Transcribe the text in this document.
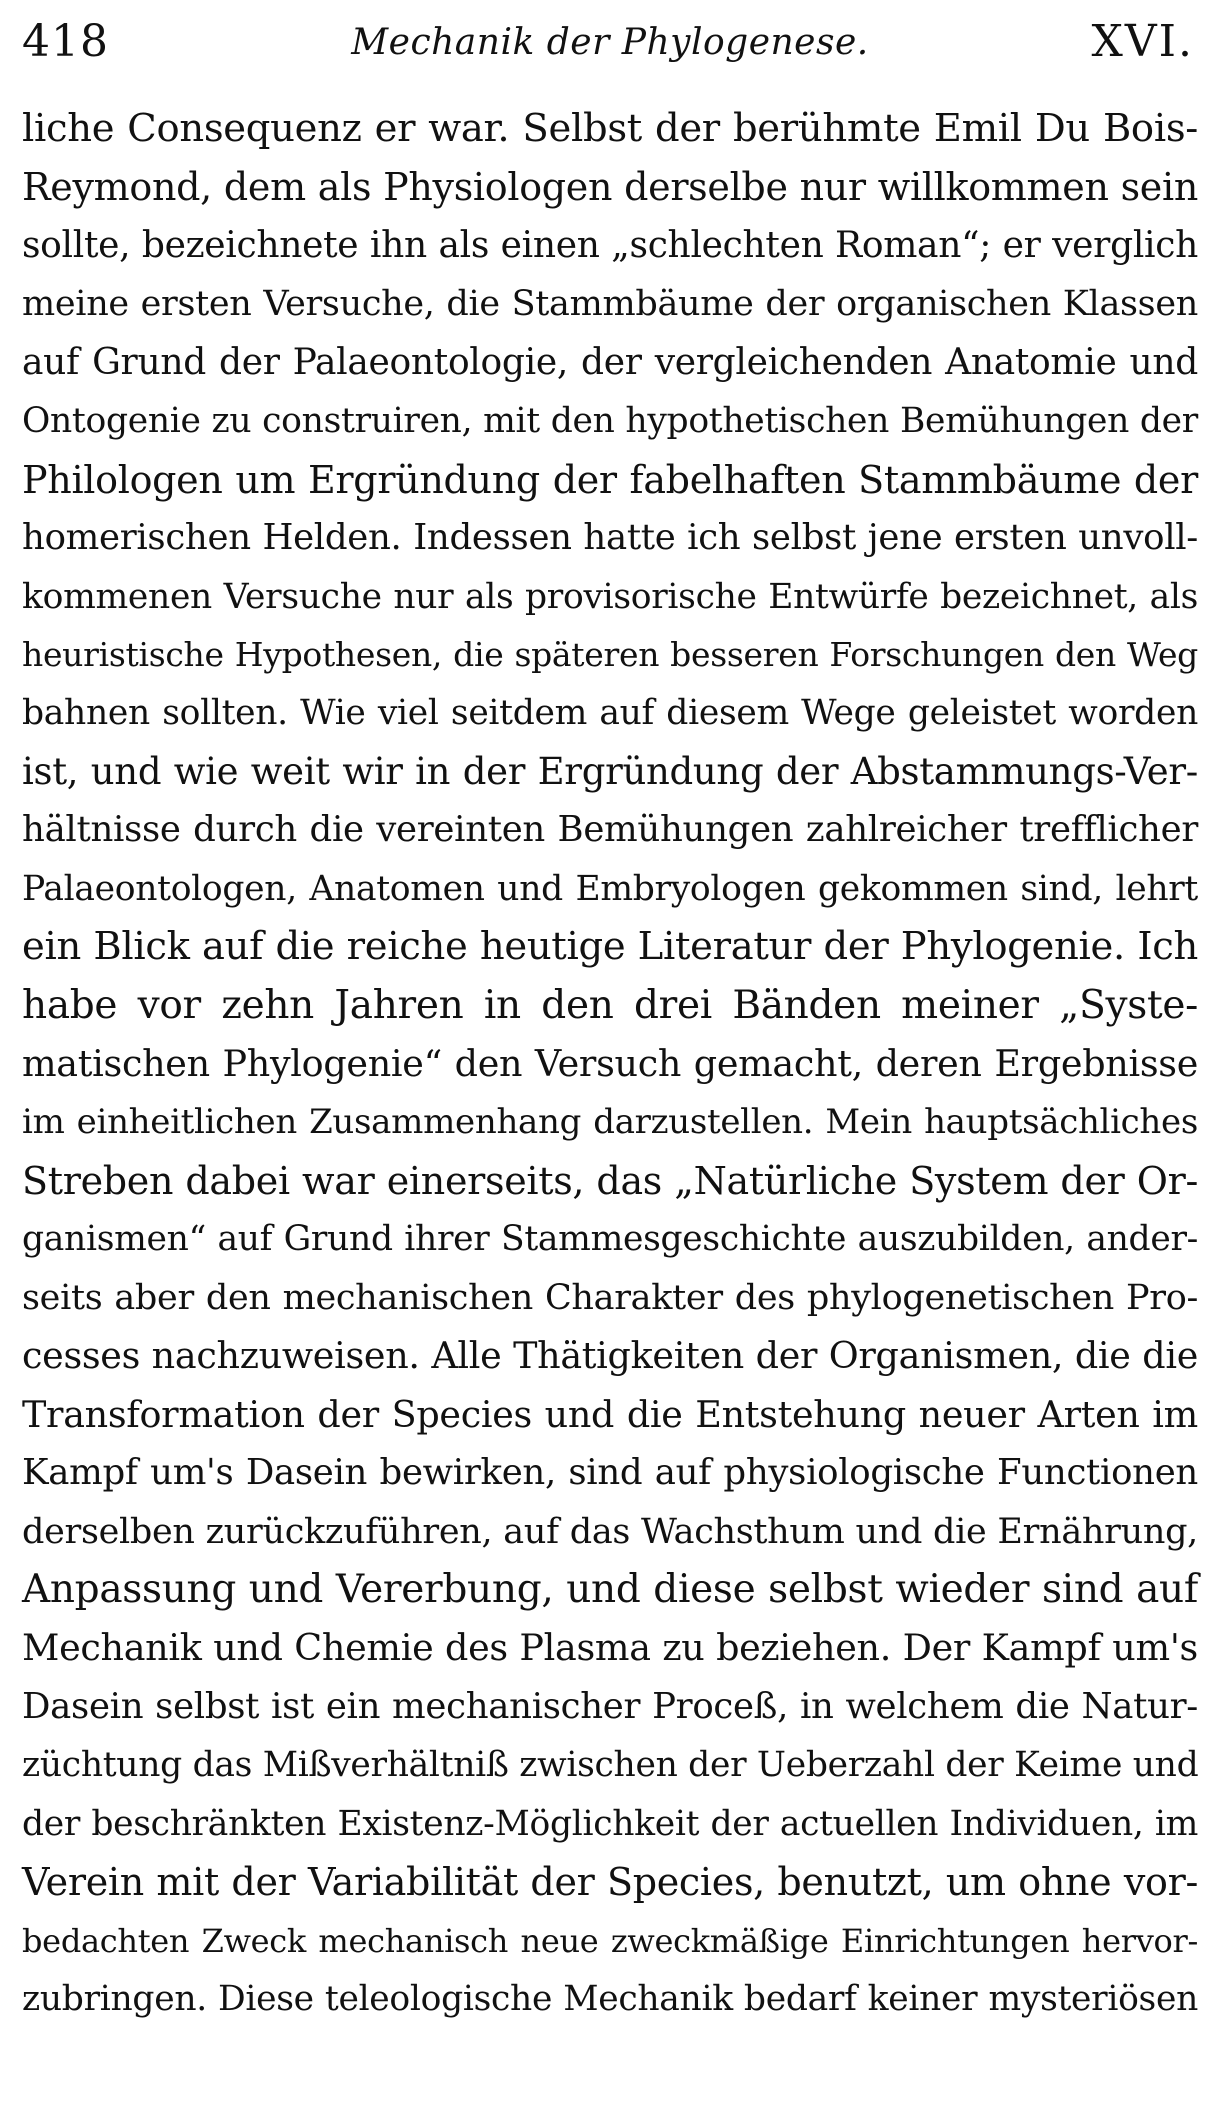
418	Mechanik der Phylogenese.	XVI.
liche Consequenz er war. Selbst der berühmte Emil Du Bois-
Reymond, dem als Physiologen derselbe nur willkommen sein
sollte, bezeichnete ihn als einen „schlechten Roman“; er verglich
meine ersten Versuche, die Stammbäume der organischen Klassen
auf Grund der Palaeontologie, der vergleichenden Anatomie und
Ontogenie zu construiren, mit den hypothetischen Bemühungen der
Philologen um Ergründung der fabelhaften Stammbäume der
homerischen Helden. Indessen hatte ich selbst jene ersten unvoll-
kommenen Versuche nur als provisorische Entwürfe bezeichnet, als
heuristische Hypothesen, die späteren besseren Forschungen den Weg
bahnen sollten. Wie viel seitdem auf diesem Wege geleistet worden
ist, und wie weit wir in der Ergründung der Abstammungs-Ver-
hältnisse durch die vereinten Bemühungen zahlreicher trefflicher
Palaeontologen, Anatomen und Embryologen gekommen sind, lehrt
ein Blick auf die reiche heutige Literatur der Phylogenie. Ich
habe vor zehn Jahren in den drei Bänden meiner „Syste-
matischen Phylogenie“ den Versuch gemacht, deren Ergebnisse
im einheitlichen Zusammenhang darzustellen. Mein hauptsächliches
Streben dabei war einerseits, das „Natürliche System der Or-
ganismen“ auf Grund ihrer Stammesgeschichte auszubilden, ander-
seits aber den mechanischen Charakter des phylogenetischen Pro-
cesses nachzuweisen. Alle Thätigkeiten der Organismen, die die
Transformation der Species und die Entstehung neuer Arten im
Kampf um's Dasein bewirken, sind auf physiologische Functionen
derselben zurückzuführen, auf das Wachsthum und die Ernährung,
Anpassung und Vererbung, und diese selbst wieder sind auf
Mechanik und Chemie des Plasma zu beziehen. Der Kampf um's
Dasein selbst ist ein mechanischer Proceß, in welchem die Natur-
züchtung das Mißverhältniß zwischen der Ueberzahl der Keime und
der beschränkten Existenz-Möglichkeit der actuellen Individuen, im
Verein mit der Variabilität der Species, benutzt, um ohne vor-
bedachten Zweck mechanisch neue zweckmäßige Einrichtungen hervor-
zubringen. Diese teleologische Mechanik bedarf keiner mysteriösen
